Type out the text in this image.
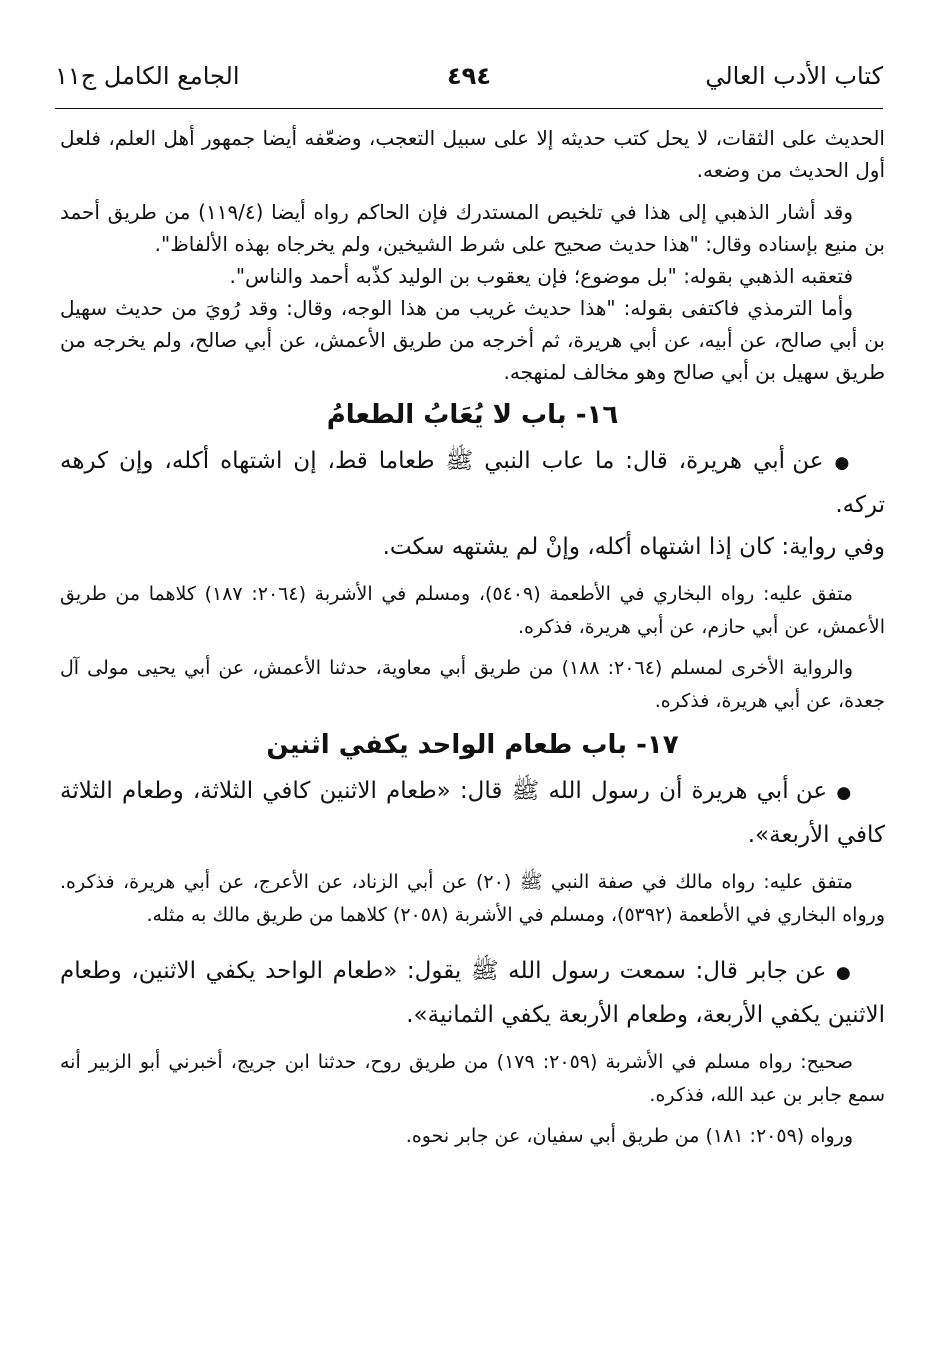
كتاب الأدب العالي
٤٩٤
الجامع الكامل ج١١

الحديث على الثقات، لا يحل كتب حديثه إلا على سبيل التعجب، وضعّفه أيضا جمهور أهل العلم، فلعل أول الحديث من وضعه.

وقد أشار الذهبي إلى هذا في تلخيص المستدرك فإن الحاكم رواه أيضا (١١٩/٤) من طريق أحمد بن منيع بإسناده وقال: "هذا حديث صحيح على شرط الشيخين، ولم يخرجاه بهذه الألفاظ".

فتعقبه الذهبي بقوله: "بل موضوع؛ فإن يعقوب بن الوليد كذّبه أحمد والناس".

وأما الترمذي فاكتفى بقوله: "هذا حديث غريب من هذا الوجه، وقال: وقد رُويَ من حديث سهيل بن أبي صالح، عن أبيه، عن أبي هريرة، ثم أخرجه من طريق الأعمش، عن أبي صالح، ولم يخرجه من طريق سهيل بن أبي صالح وهو مخالف لمنهجه.

١٦- باب لا يُعَابُ الطعامُ

● عن أبي هريرة، قال: ما عاب النبي ﷺ طعاما قط، إن اشتهاه أكله، وإن كرهه تركه.

وفي رواية: كان إذا اشتهاه أكله، وإنْ لم يشتهه سكت.

متفق عليه: رواه البخاري في الأطعمة (٥٤٠٩)، ومسلم في الأشربة (٢٠٦٤: ١٨٧) كلاهما من طريق الأعمش، عن أبي حازم، عن أبي هريرة، فذكره.

والرواية الأخرى لمسلم (٢٠٦٤: ١٨٨) من طريق أبي معاوية، حدثنا الأعمش، عن أبي يحيى مولى آل جعدة، عن أبي هريرة، فذكره.

١٧- باب طعام الواحد يكفي اثنين

● عن أبي هريرة أن رسول الله ﷺ قال: «طعام الاثنين كافي الثلاثة، وطعام الثلاثة كافي الأربعة».

متفق عليه: رواه مالك في صفة النبي ﷺ (٢٠) عن أبي الزناد، عن الأعرج، عن أبي هريرة، فذكره. ورواه البخاري في الأطعمة (٥٣٩٢)، ومسلم في الأشربة (٢٠٥٨) كلاهما من طريق مالك به مثله.

● عن جابر قال: سمعت رسول الله ﷺ يقول: «طعام الواحد يكفي الاثنين، وطعام الاثنين يكفي الأربعة، وطعام الأربعة يكفي الثمانية».

صحيح: رواه مسلم في الأشربة (٢٠٥٩: ١٧٩) من طريق روح، حدثنا ابن جريج، أخبرني أبو الزبير أنه سمع جابر بن عبد الله، فذكره.

ورواه (٢٠٥٩: ١٨١) من طريق أبي سفيان، عن جابر نحوه.
